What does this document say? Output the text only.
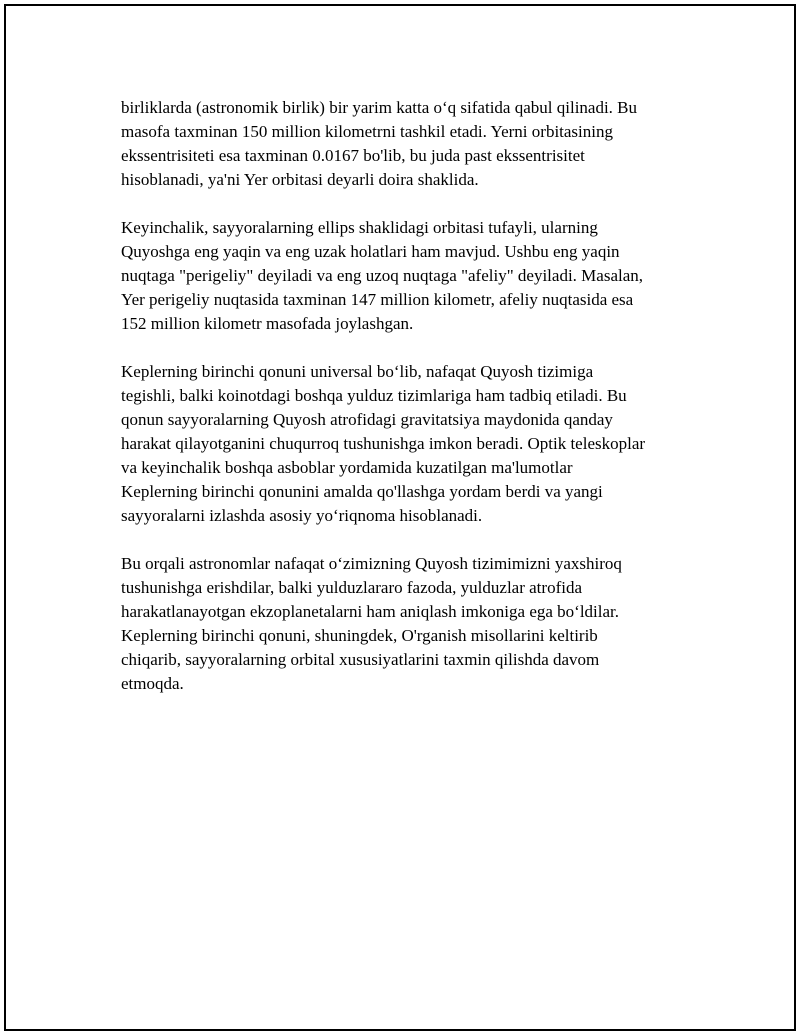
birliklarda (astronomik birlik) bir yarim katta o‘q sifatida qabul qilinadi. Bu
masofa taxminan 150 million kilometrni tashkil etadi. Yerni orbitasining
ekssentrisiteti esa taxminan 0.0167 bo'lib, bu juda past ekssentrisitet
hisoblanadi, ya'ni Yer orbitasi deyarli doira shaklida.

Keyinchalik, sayyoralarning ellips shaklidagi orbitasi tufayli, ularning
Quyoshga eng yaqin va eng uzak holatlari ham mavjud. Ushbu eng yaqin
nuqtaga "perigeliy" deyiladi va eng uzoq nuqtaga "afeliy" deyiladi. Masalan,
Yer perigeliy nuqtasida taxminan 147 million kilometr, afeliy nuqtasida esa
152 million kilometr masofada joylashgan.

Keplerning birinchi qonuni universal bo‘lib, nafaqat Quyosh tizimiga
tegishli, balki koinotdagi boshqa yulduz tizimlariga ham tadbiq etiladi. Bu
qonun sayyoralarning Quyosh atrofidagi gravitatsiya maydonida qanday
harakat qilayotganini chuqurroq tushunishga imkon beradi. Optik teleskoplar
va keyinchalik boshqa asboblar yordamida kuzatilgan ma'lumotlar
Keplerning birinchi qonunini amalda qo'llashga yordam berdi va yangi
sayyoralarni izlashda asosiy yo‘riqnoma hisoblanadi.

Bu orqali astronomlar nafaqat o‘zimizning Quyosh tizimimizni yaxshiroq
tushunishga erishdilar, balki yulduzlararo fazoda, yulduzlar atrofida
harakatlanayotgan ekzoplanetalarni ham aniqlash imkoniga ega bo‘ldilar.
Keplerning birinchi qonuni, shuningdek, O'rganish misollarini keltirib
chiqarib, sayyoralarning orbital xususiyatlarini taxmin qilishda davom
etmoqda.
